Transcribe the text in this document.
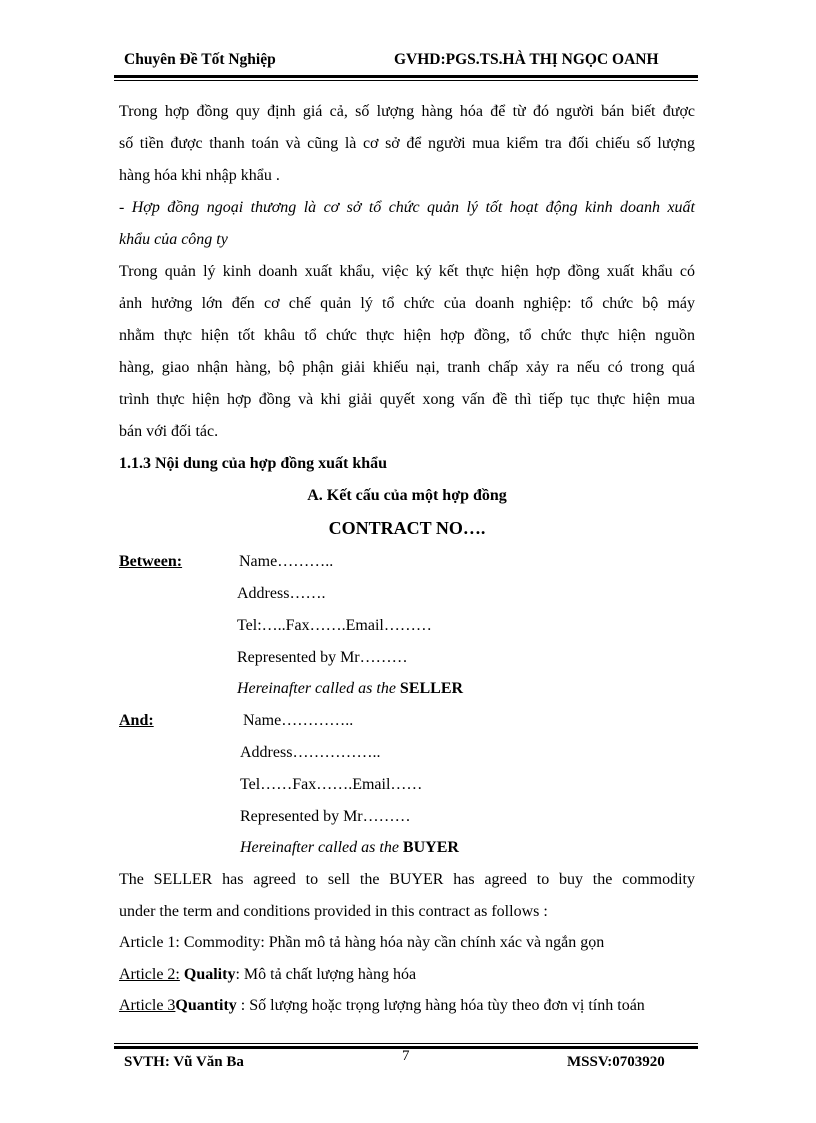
Chuyên Đề Tốt Nghiệp	GVHD:PGS.TS.HÀ THỊ NGỌC OANH
Trong hợp đồng quy định giá cả, số lượng hàng hóa để từ đó người bán biết được
số tiền được thanh toán và cũng là cơ sở để người mua kiểm tra đối chiếu số lượng
hàng hóa khi nhập khẩu .
- Hợp đồng ngoại thương là cơ sở tổ chức quản lý tốt hoạt động kinh doanh xuất
khẩu của công ty
Trong quản lý kinh doanh xuất khẩu, việc ký kết thực hiện hợp đồng xuất khẩu có
ảnh hưởng lớn đến cơ chế quản lý tổ chức của doanh nghiệp: tổ chức bộ máy
nhằm thực hiện tốt khâu tổ chức thực hiện hợp đồng, tổ chức thực hiện nguồn
hàng, giao nhận hàng, bộ phận giải khiếu nại, tranh chấp xảy ra nếu có trong quá
trình thực hiện hợp đồng và khi giải quyết xong vấn đề thì tiếp tục thực hiện mua
bán với đối tác.
1.1.3 Nội dung của hợp đồng xuất khẩu
A. Kết cấu của một hợp đồng
CONTRACT NO….
Between:	Name………..
Address…….
Tel:…..Fax…….Email………
Represented by Mr………
Hereinafter called as the SELLER
And:	Name…………..
Address……………..
Tel……Fax…….Email……
Represented by Mr………
Hereinafter called as the BUYER
The SELLER has agreed to sell the BUYER has agreed to buy the commodity
under the term and conditions provided in this contract as follows :
Article 1: Commodity: Phần mô tả hàng hóa này cần chính xác và ngắn gọn
Article 2: Quality: Mô tả chất lượng hàng hóa
Article 3Quantity : Số lượng hoặc trọng lượng hàng hóa tùy theo đơn vị tính toán
SVTH: Vũ Văn Ba	7	MSSV:0703920
